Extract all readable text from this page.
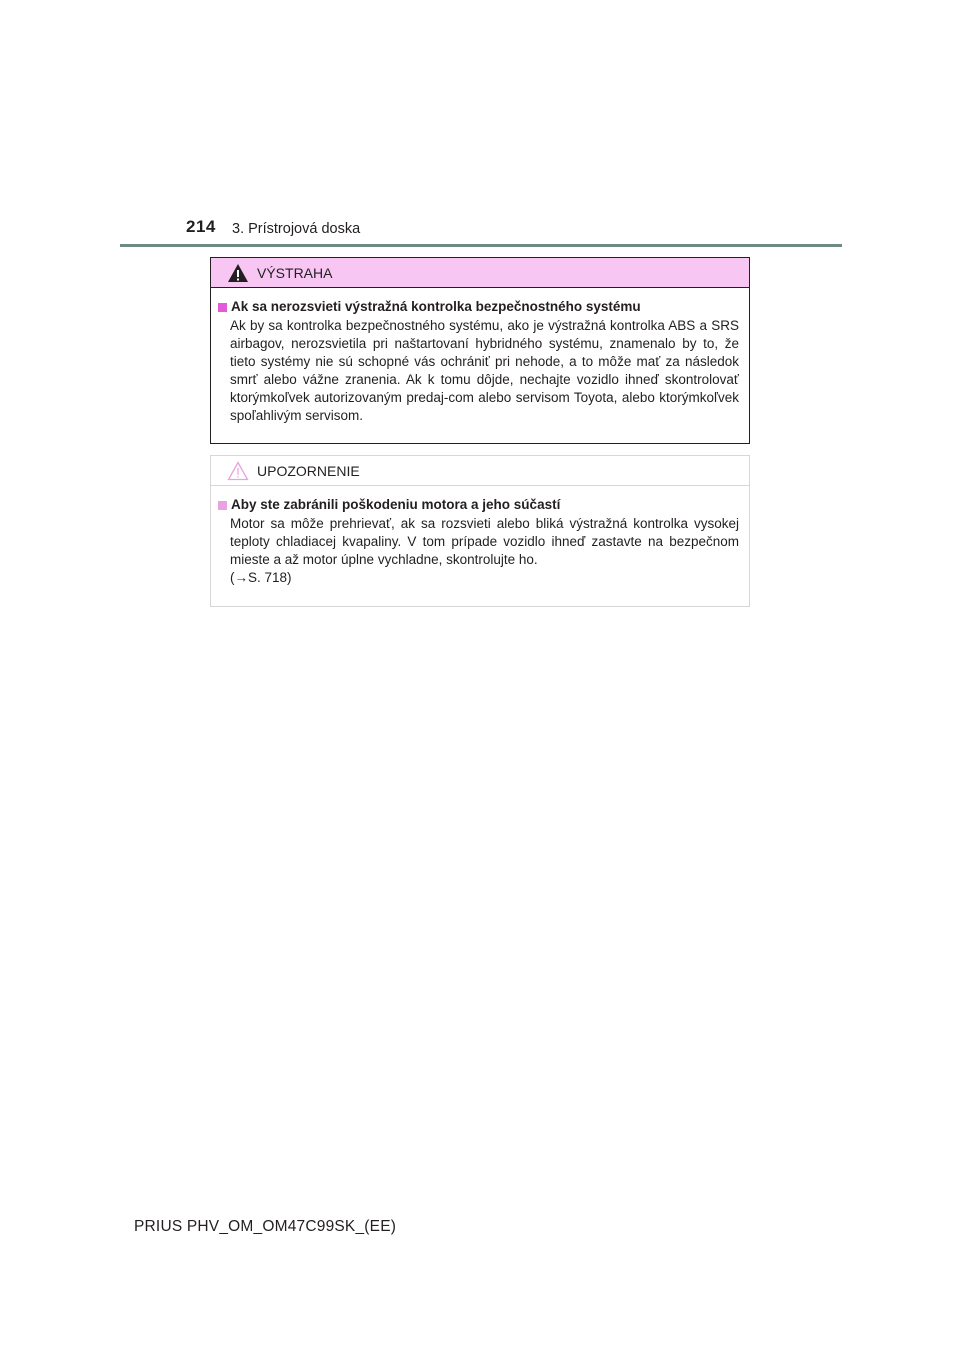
214 3. Prístrojová doska
VÝSTRAHA
Ak sa nerozsvieti výstražná kontrolka bezpečnostného systému

Ak by sa kontrolka bezpečnostného systému, ako je výstražná kontrolka ABS a SRS airbagov, nerozsvietila pri naštartovaní hybridného systému, znamenalo by to, že tieto systémy nie sú schopné vás ochrániť pri nehode, a to môže mať za následok smrť alebo vážne zranenia. Ak k tomu dôjde, nechajte vozidlo ihneď skontrolovať ktorýmkoľvek autorizovaným predaj-com alebo servisom Toyota, alebo ktorýmkoľvek spoľahlivým servisom.

UPOZORNENIE
Aby ste zabránili poškodeniu motora a jeho súčastí

Motor sa môže prehrievať, ak sa rozsvieti alebo bliká výstražná kontrolka vysokej teploty chladiacej kvapaliny. V tom prípade vozidlo ihneď zastavte na bezpečnom mieste a až motor úplne vychladne, skontrolujte ho.
(→S. 718)

PRIUS PHV_OM_OM47C99SK_(EE)
